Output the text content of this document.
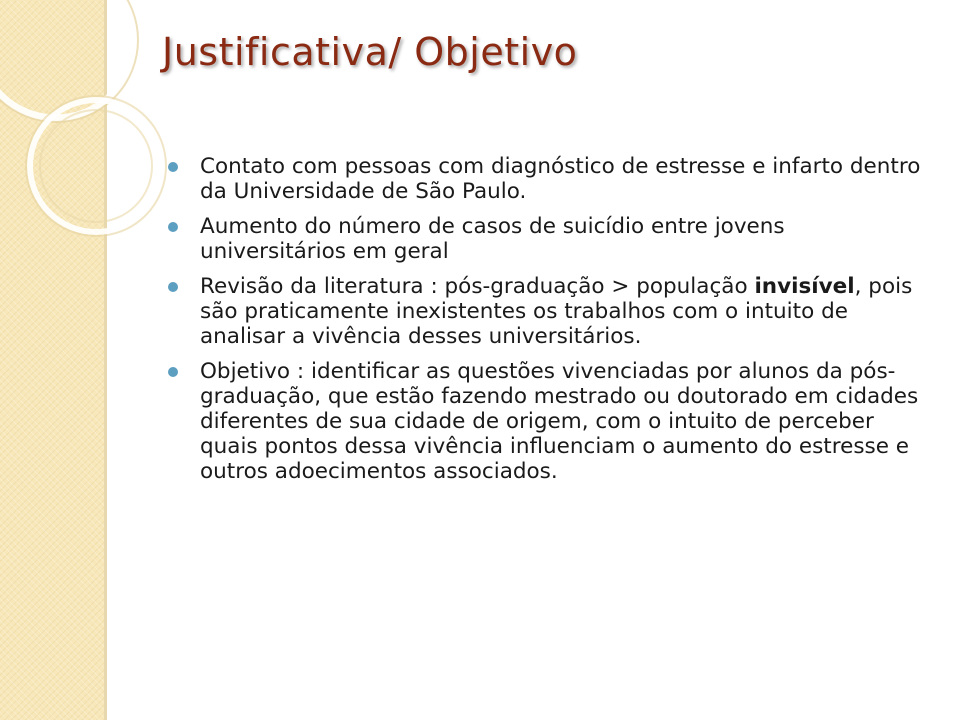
Justificativa/ Objetivo
Contato com pessoas com diagnóstico de estresse e infarto dentro da Universidade de São Paulo.
Aumento do número de casos de suicídio entre jovens universitários em geral
Revisão da literatura : pós-graduação > população invisível, pois são praticamente inexistentes os trabalhos com o intuito de analisar a vivência desses universitários.
Objetivo : identificar as questões vivenciadas por alunos da pós-graduação, que estão fazendo mestrado ou doutorado em cidades diferentes de sua cidade de origem, com o intuito de perceber quais pontos dessa vivência influenciam o aumento do estresse e outros adoecimentos associados.
